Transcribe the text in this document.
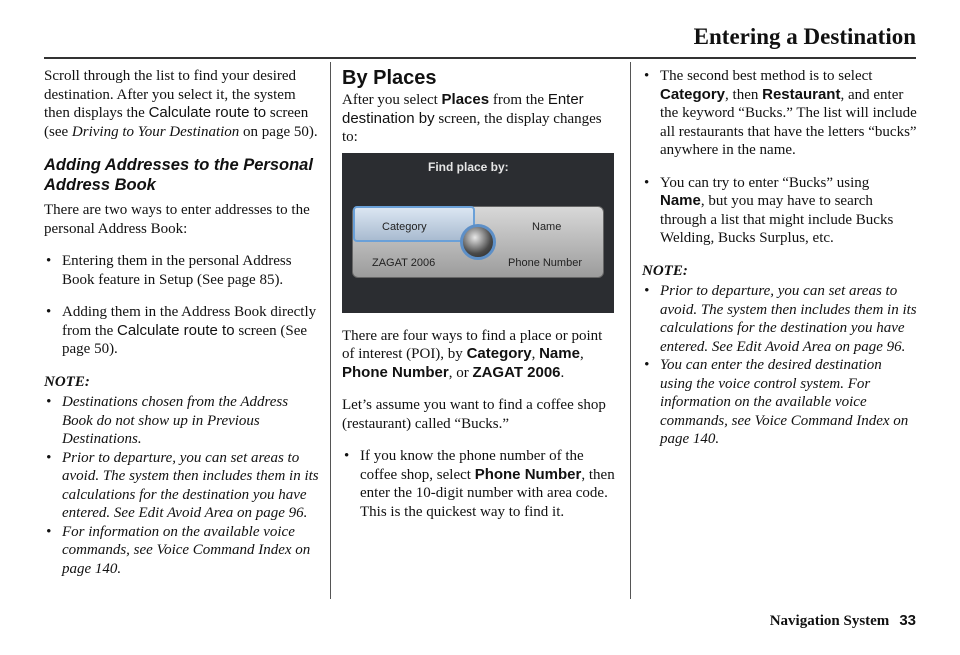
Entering a Destination

Scroll through the list to find your desired destination. After you select it, the system then displays the Calculate route to screen (see Driving to Your Destination on page 50).

Adding Addresses to the Personal Address Book

There are two ways to enter addresses to the personal Address Book:

• Entering them in the personal Address Book feature in Setup (See page 85).
• Adding them in the Address Book directly from the Calculate route to screen (See page 50).
NOTE:
• Destinations chosen from the Address Book do not show up in Previous Destinations.
• Prior to departure, you can set areas to avoid. The system then includes them in its calculations for the destination you have entered. See Edit Avoid Area on page 96.
• For information on the available voice commands, see Voice Command Index on page 140.
By Places

After you select Places from the Enter destination by screen, the display changes to:

Find place by:
Category	Name
ZAGAT 2006	Phone Number

There are four ways to find a place or point of interest (POI), by Category, Name, Phone Number, or ZAGAT 2006.

Let’s assume you want to find a coffee shop (restaurant) called “Bucks.”

• If you know the phone number of the coffee shop, select Phone Number, then enter the 10-digit number with area code. This is the quickest way to find it.
• The second best method is to select Category, then Restaurant, and enter the keyword “Bucks.” The list will include all restaurants that have the letters “bucks” anywhere in the name.
• You can try to enter “Bucks” using Name, but you may have to search through a list that might include Bucks Welding, Bucks Surplus, etc.
NOTE:
• Prior to departure, you can set areas to avoid. The system then includes them in its calculations for the destination you have entered. See Edit Avoid Area on page 96.
• You can enter the desired destination using the voice control system. For information on the available voice commands, see Voice Command Index on page 140.
Navigation System 33
